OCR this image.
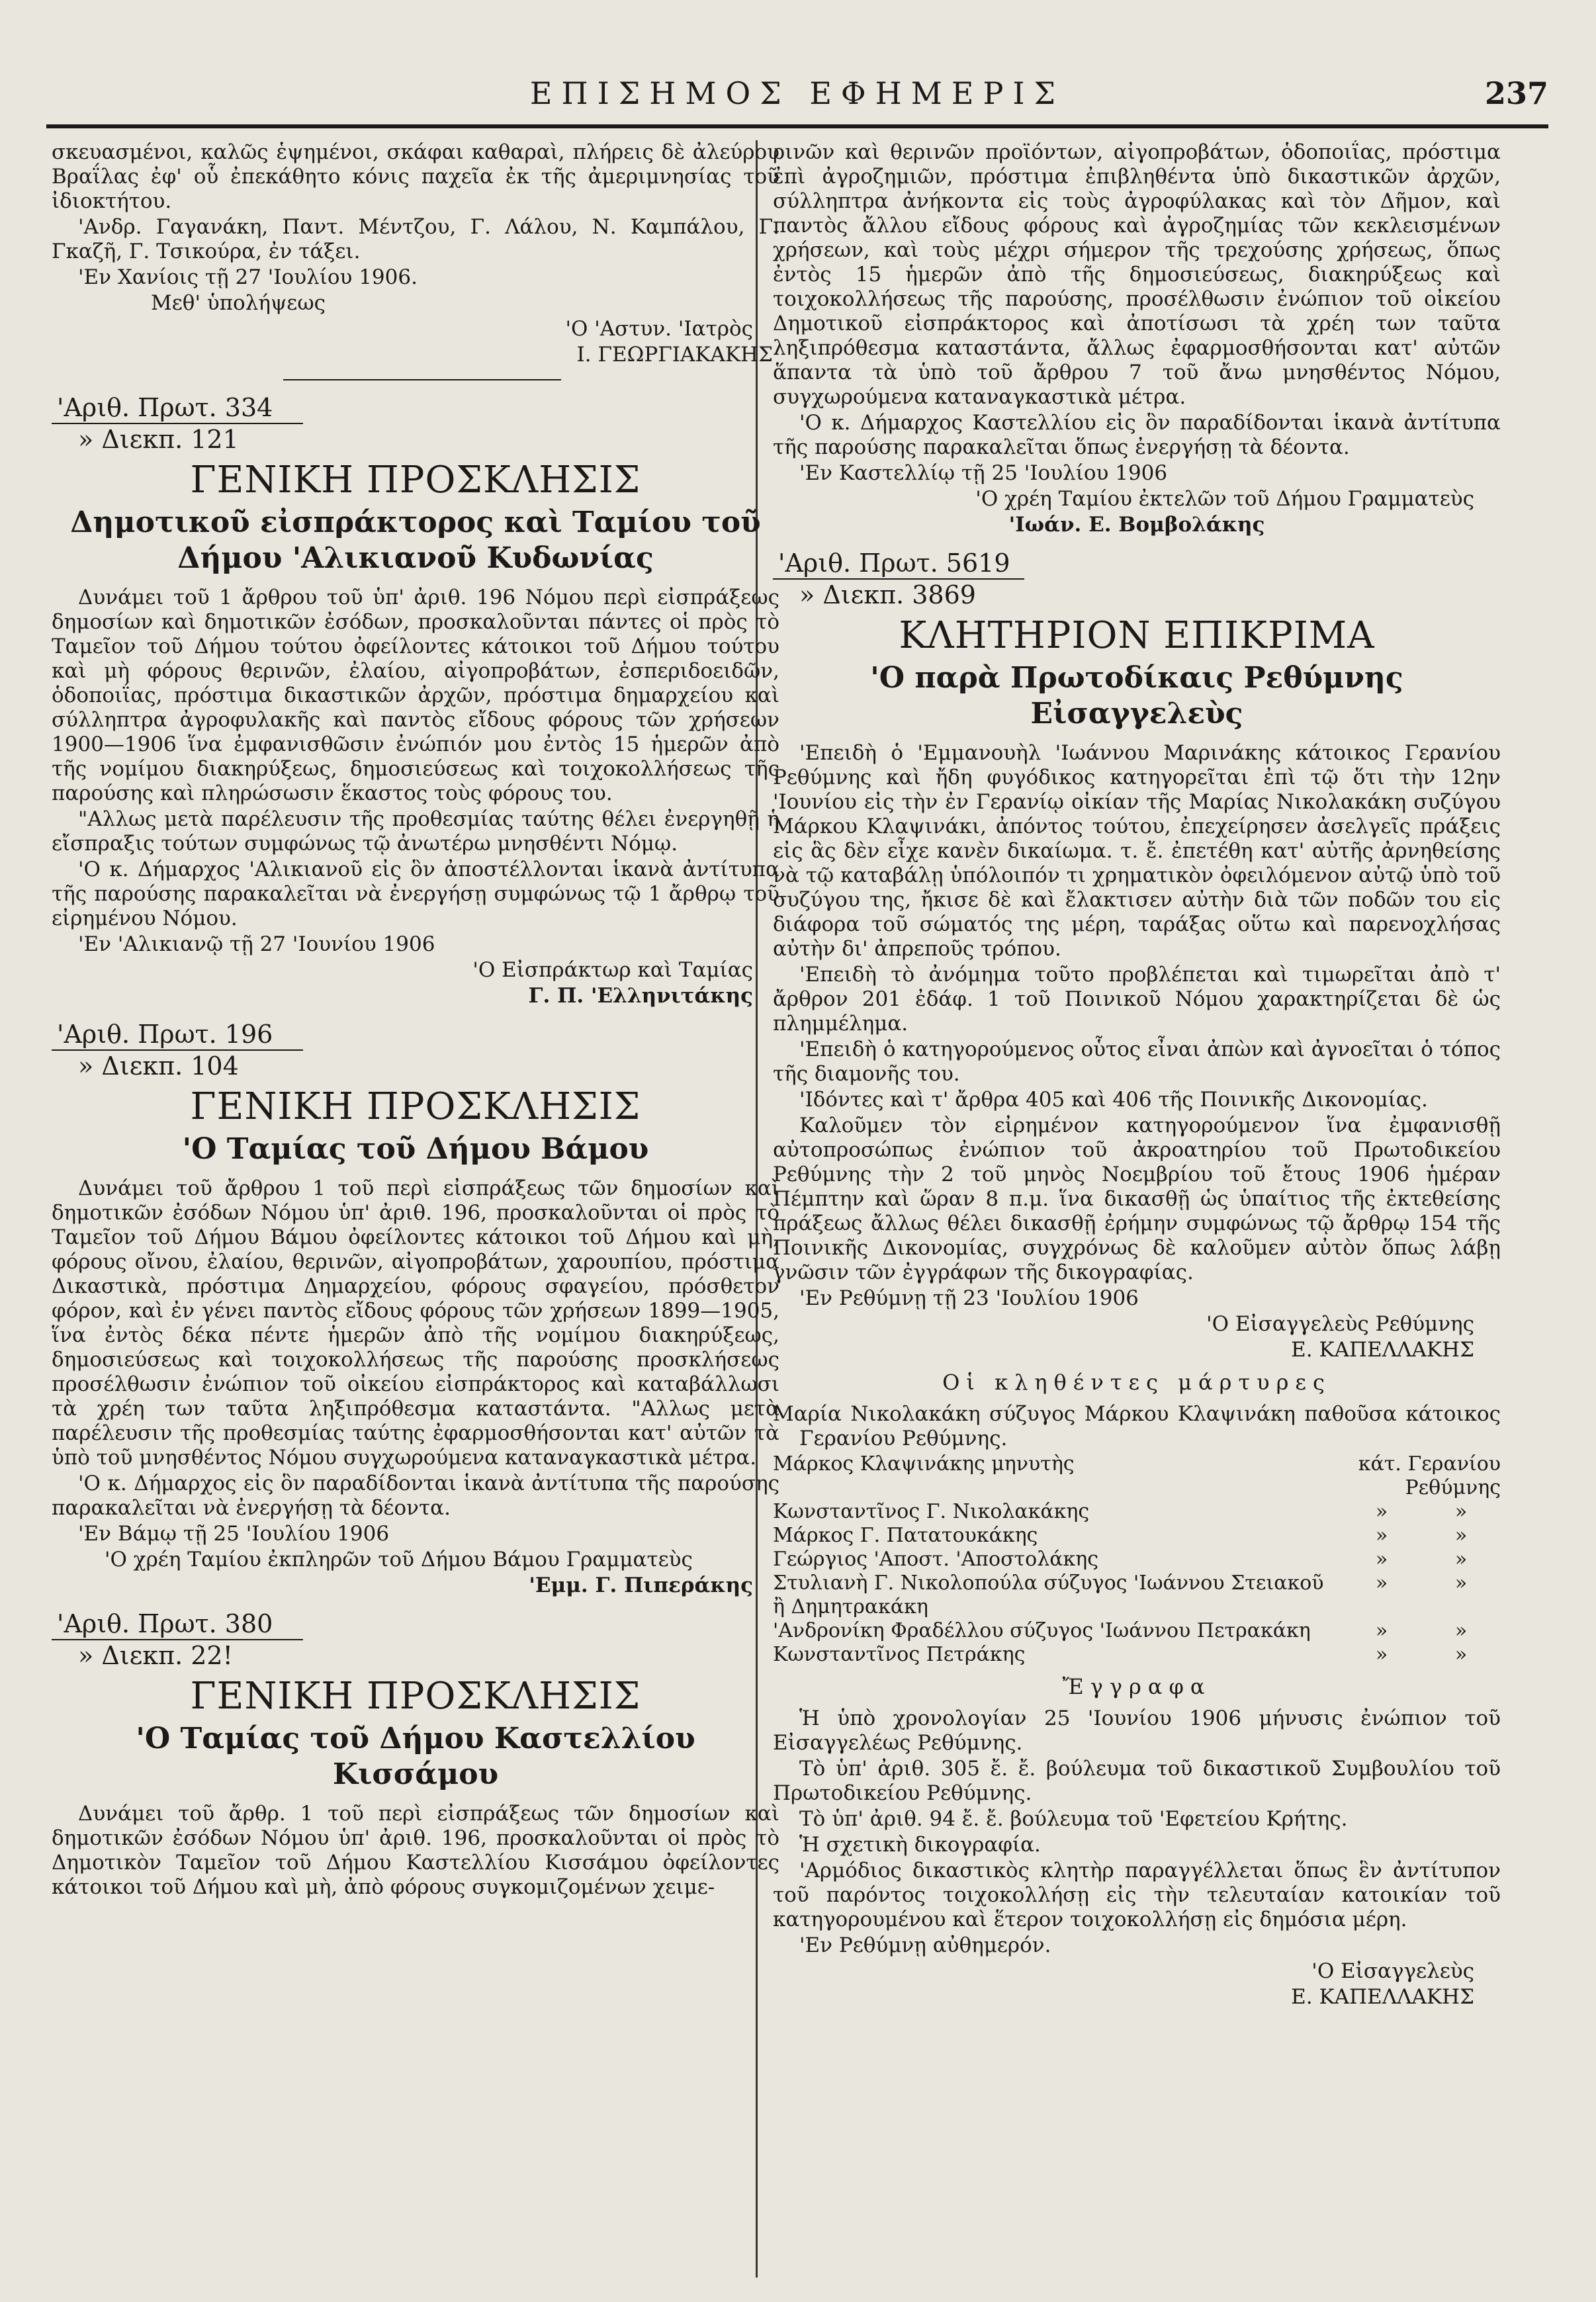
ΕΠΙΣΗΜΟΣ ΕΦΗΜΕΡΙΣ	237

σκευασμένοι, καλῶς ἑψημένοι, σκάφαι καθαραὶ, πλήρεις δὲ ἀλεύρου Βραΐλας ἐφ' οὗ ἐπεκάθητο κόνις παχεῖα ἐκ τῆς ἀμεριμνησίας τοῦ ἰδιοκτήτου.

'Ανδρ. Γαγανάκη, Παντ. Μέντζου, Γ. Λάλου, Ν. Καμπάλου, Γ. Γκαζῆ, Γ. Τσικούρα, ἐν τάξει.

'Εν Χανίοις τῇ 27 'Ιουλίου 1906.

Μεθ' ὑπολήψεως

'Ο 'Αστυν. 'Ιατρὸς

Ι. ΓΕΩΡΓΙΑΚΑΚΗΣ

'Αριθ. Πρωτ. 334
» Διεκπ. 121
ΓΕΝΙΚΗ ΠΡΟΣΚΛΗΣΙΣ
Δημοτικοῦ εἰσπράκτορος καὶ Ταμίου τοῦ Δήμου 'Αλικιανοῦ Κυδωνίας

Δυνάμει τοῦ 1 ἄρθρου τοῦ ὑπ' ἀριθ. 196 Νόμου περὶ εἰσπράξεως δημοσίων καὶ δημοτικῶν ἐσόδων, προσκαλοῦνται πάντες οἱ πρὸς τὸ Ταμεῖον τοῦ Δήμου τούτου ὀφείλοντες κάτοικοι τοῦ Δήμου τούτου καὶ μὴ φόρους θερινῶν, ἐλαίου, αἰγοπροβάτων, ἐσπεριδοειδῶν, ὁδοποιΐας, πρόστιμα δικαστικῶν ἀρχῶν, πρόστιμα δημαρχείου καὶ σύλληπτρα ἀγροφυλακῆς καὶ παντὸς εἴδους φόρους τῶν χρήσεων 1900—1906 ἵνα ἐμφανισθῶσιν ἐνώπιόν μου ἐντὸς 15 ἡμερῶν ἀπὸ τῆς νομίμου διακηρύξεως, δημοσιεύσεως καὶ τοιχοκολλήσεως τῆς παρούσης καὶ πληρώσωσιν ἕκαστος τοὺς φόρους του.

"Αλλως μετὰ παρέλευσιν τῆς προθεσμίας ταύτης θέλει ἐνεργηθῇ ἡ εἴσπραξις τούτων συμφώνως τῷ ἀνωτέρω μνησθέντι Νόμῳ.

'Ο κ. Δήμαρχος 'Αλικιανοῦ εἰς ὃν ἀποστέλλονται ἱκανὰ ἀντίτυπα τῆς παρούσης παρακαλεῖται νὰ ἐνεργήσῃ συμφώνως τῷ 1 ἄρθρῳ τοῦ εἰρημένου Νόμου.

'Εν 'Αλικιανῷ τῇ 27 'Ιουνίου 1906

'Ο Εἰσπράκτωρ καὶ Ταμίας

Γ. Π. 'Ελληνιτάκης

'Αριθ. Πρωτ. 196
» Διεκπ. 104
ΓΕΝΙΚΗ ΠΡΟΣΚΛΗΣΙΣ
'Ο Ταμίας τοῦ Δήμου Βάμου

Δυνάμει τοῦ ἄρθρου 1 τοῦ περὶ εἰσπράξεως τῶν δημοσίων καὶ δημοτικῶν ἐσόδων Νόμου ὑπ' ἀριθ. 196, προσκαλοῦνται οἱ πρὸς τὸ Ταμεῖον τοῦ Δήμου Βάμου ὀφείλοντες κάτοικοι τοῦ Δήμου καὶ μὴ, φόρους οἴνου, ἐλαίου, θερινῶν, αἰγοπροβάτων, χαρουπίου, πρόστιμα Δικαστικὰ, πρόστιμα Δημαρχείου, φόρους σφαγείου, πρόσθετον φόρον, καὶ ἐν γένει παντὸς εἴδους φόρους τῶν χρήσεων 1899—1905, ἵνα ἐντὸς δέκα πέντε ἡμερῶν ἀπὸ τῆς νομίμου διακηρύξεως, δημοσιεύσεως καὶ τοιχοκολλήσεως τῆς παρούσης προσκλήσεως προσέλθωσιν ἐνώπιον τοῦ οἰκείου εἰσπράκτορος καὶ καταβάλλωσι τὰ χρέη των ταῦτα ληξιπρόθεσμα καταστάντα. "Αλλως μετὰ παρέλευσιν τῆς προθεσμίας ταύτης ἐφαρμοσθήσονται κατ' αὐτῶν τὰ ὑπὸ τοῦ μνησθέντος Νόμου συγχωρούμενα καταναγκαστικὰ μέτρα.

'Ο κ. Δήμαρχος εἰς ὃν παραδίδονται ἱκανὰ ἀντίτυπα τῆς παρούσης παρακαλεῖται νὰ ἐνεργήσῃ τὰ δέοντα.

'Εν Βάμῳ τῇ 25 'Ιουλίου 1906

'Ο χρέη Ταμίου ἐκπληρῶν τοῦ Δήμου Βάμου Γραμματεὺς

'Εμμ. Γ. Πιπεράκης

'Αριθ. Πρωτ. 380
» Διεκπ. 22!
ΓΕΝΙΚΗ ΠΡΟΣΚΛΗΣΙΣ
'Ο Ταμίας τοῦ Δήμου Καστελλίου Κισσάμου

Δυνάμει τοῦ ἄρθρ. 1 τοῦ περὶ εἰσπράξεως τῶν δημοσίων καὶ δημοτικῶν ἐσόδων Νόμου ὑπ' ἀριθ. 196, προσκαλοῦνται οἱ πρὸς τὸ Δημοτικὸν Ταμεῖον τοῦ Δήμου Καστελλίου Κισσάμου ὀφείλοντες κάτοικοι τοῦ Δήμου καὶ μὴ, ἀπὸ φόρους συγκομιζομένων χειμε-

ρινῶν καὶ θερινῶν προϊόντων, αἰγοπροβάτων, ὁδοποιΐας, πρόστιμα ἐπὶ ἀγροζημιῶν, πρόστιμα ἐπιβληθέντα ὑπὸ δικαστικῶν ἀρχῶν, σύλληπτρα ἀνήκοντα εἰς τοὺς ἀγροφύλακας καὶ τὸν Δῆμον, καὶ παντὸς ἄλλου εἴδους φόρους καὶ ἀγροζημίας τῶν κεκλεισμένων χρήσεων, καὶ τοὺς μέχρι σήμερον τῆς τρεχούσης χρήσεως, ὅπως ἐντὸς 15 ἡμερῶν ἀπὸ τῆς δημοσιεύσεως, διακηρύξεως καὶ τοιχοκολλήσεως τῆς παρούσης, προσέλθωσιν ἐνώπιον τοῦ οἰκείου Δημοτικοῦ εἰσπράκτορος καὶ ἀποτίσωσι τὰ χρέη των ταῦτα ληξιπρόθεσμα καταστάντα, ἄλλως ἐφαρμοσθήσονται κατ' αὐτῶν ἅπαντα τὰ ὑπὸ τοῦ ἄρθρου 7 τοῦ ἄνω μνησθέντος Νόμου, συγχωρούμενα καταναγκαστικὰ μέτρα.

'Ο κ. Δήμαρχος Καστελλίου εἰς ὃν παραδίδονται ἱκανὰ ἀντίτυπα τῆς παρούσης παρακαλεῖται ὅπως ἐνεργήσῃ τὰ δέοντα.

'Εν Καστελλίῳ τῇ 25 'Ιουλίου 1906

'Ο χρέη Ταμίου ἐκτελῶν τοῦ Δήμου Γραμματεὺς

'Ιωάν. Ε. Βομβολάκης

'Αριθ. Πρωτ. 5619
» Διεκπ. 3869
ΚΛΗΤΗΡΙΟΝ ΕΠΙΚΡΙΜΑ
'Ο παρὰ Πρωτοδίκαις Ρεθύμνης Εἰσαγγελεὺς

'Επειδὴ ὁ 'Εμμανουὴλ 'Ιωάννου Μαρινάκης κάτοικος Γερανίου Ρεθύμνης καὶ ἤδη φυγόδικος κατηγορεῖται ἐπὶ τῷ ὅτι τὴν 12ην 'Ιουνίου εἰς τὴν ἐν Γερανίῳ οἰκίαν τῆς Μαρίας Νικολακάκη συζύγου Μάρκου Κλαψινάκι, ἀπόντος τούτου, ἐπεχείρησεν ἀσελγεῖς πράξεις εἰς ἃς δὲν εἶχε κανὲν δικαίωμα. τ. ἔ. ἐπετέθη κατ' αὐτῆς ἀρνηθείσης νὰ τῷ καταβάλῃ ὑπόλοιπόν τι χρηματικὸν ὀφειλόμενον αὐτῷ ὑπὸ τοῦ συζύγου της, ἤκισε δὲ καὶ ἔλακτισεν αὐτὴν διὰ τῶν ποδῶν του εἰς διάφορα τοῦ σώματός της μέρη, ταράξας οὕτω καὶ παρενοχλήσας αὐτὴν δι' ἀπρεποῦς τρόπου.

'Επειδὴ τὸ ἀνόμημα τοῦτο προβλέπεται καὶ τιμωρεῖται ἀπὸ τ' ἄρθρον 201 ἐδάφ. 1 τοῦ Ποινικοῦ Νόμου χαρακτηρίζεται δὲ ὡς πλημμέλημα.

'Επειδὴ ὁ κατηγορούμενος οὗτος εἶναι ἀπὼν καὶ ἀγνοεῖται ὁ τόπος τῆς διαμονῆς του.

'Ιδόντες καὶ τ' ἄρθρα 405 καὶ 406 τῆς Ποινικῆς Δικονομίας.

Καλοῦμεν τὸν εἰρημένον κατηγορούμενον ἵνα ἐμφανισθῇ αὐτοπροσώπως ἐνώπιον τοῦ ἀκροατηρίου τοῦ Πρωτοδικείου Ρεθύμνης τὴν 2 τοῦ μηνὸς Νοεμβρίου τοῦ ἔτους 1906 ἡμέραν Πέμπτην καὶ ὥραν 8 π.μ. ἵνα δικασθῇ ὡς ὑπαίτιος τῆς ἐκτεθείσης πράξεως ἄλλως θέλει δικασθῇ ἐρήμην συμφώνως τῷ ἄρθρῳ 154 τῆς Ποινικῆς Δικονομίας, συγχρόνως δὲ καλοῦμεν αὐτὸν ὅπως λάβῃ γνῶσιν τῶν ἐγγράφων τῆς δικογραφίας.

'Εν Ρεθύμνῃ τῇ 23 'Ιουλίου 1906

'Ο Εἰσαγγελεὺς Ρεθύμνης

Ε. ΚΑΠΕΛΛΑΚΗΣ

Οἱ κληθέντες μάρτυρες

Μαρία Νικολακάκη σύζυγος Μάρκου Κλαψινάκη παθοῦσα κάτοικος Γερανίου Ρεθύμνης.

Μάρκος Κλαψινάκης μηνυτὴς	κάτ. Γερανίου Ρεθύμνης	
Κωνσταντῖνος Γ. Νικολακάκης	»	»
Μάρκος Γ. Πατατουκάκης	»	»
Γεώργιος 'Αποστ. 'Αποστολάκης	»	»
Στυλιανὴ Γ. Νικολοπούλα σύζυγος 'Ιωάννου Στειακοῦ ἢ Δημητρακάκη	»	»
'Ανδρονίκη Φραδέλλου σύζυγος 'Ιωάννου Πετρακάκη	»	»
Κωνσταντῖνος Πετράκης	»	»
Ἔγγραφα

Ἡ ὑπὸ χρονολογίαν 25 'Ιουνίου 1906 μήνυσις ἐνώπιον τοῦ Εἰσαγγελέως Ρεθύμνης.

Τὸ ὑπ' ἀριθ. 305 ἔ. ἔ. βούλευμα τοῦ δικαστικοῦ Συμβουλίου τοῦ Πρωτοδικείου Ρεθύμνης.

Τὸ ὑπ' ἀριθ. 94 ἔ. ἔ. βούλευμα τοῦ 'Εφετείου Κρήτης.

Ἡ σχετικὴ δικογραφία.

'Αρμόδιος δικαστικὸς κλητὴρ παραγγέλλεται ὅπως ἓν ἀντίτυπον τοῦ παρόντος τοιχοκολλήσῃ εἰς τὴν τελευταίαν κατοικίαν τοῦ κατηγορουμένου καὶ ἕτερον τοιχοκολλήσῃ εἰς δημόσια μέρη.

'Εν Ρεθύμνῃ αὐθημερόν.

'Ο Εἰσαγγελεὺς

Ε. ΚΑΠΕΛΛΑΚΗΣ
